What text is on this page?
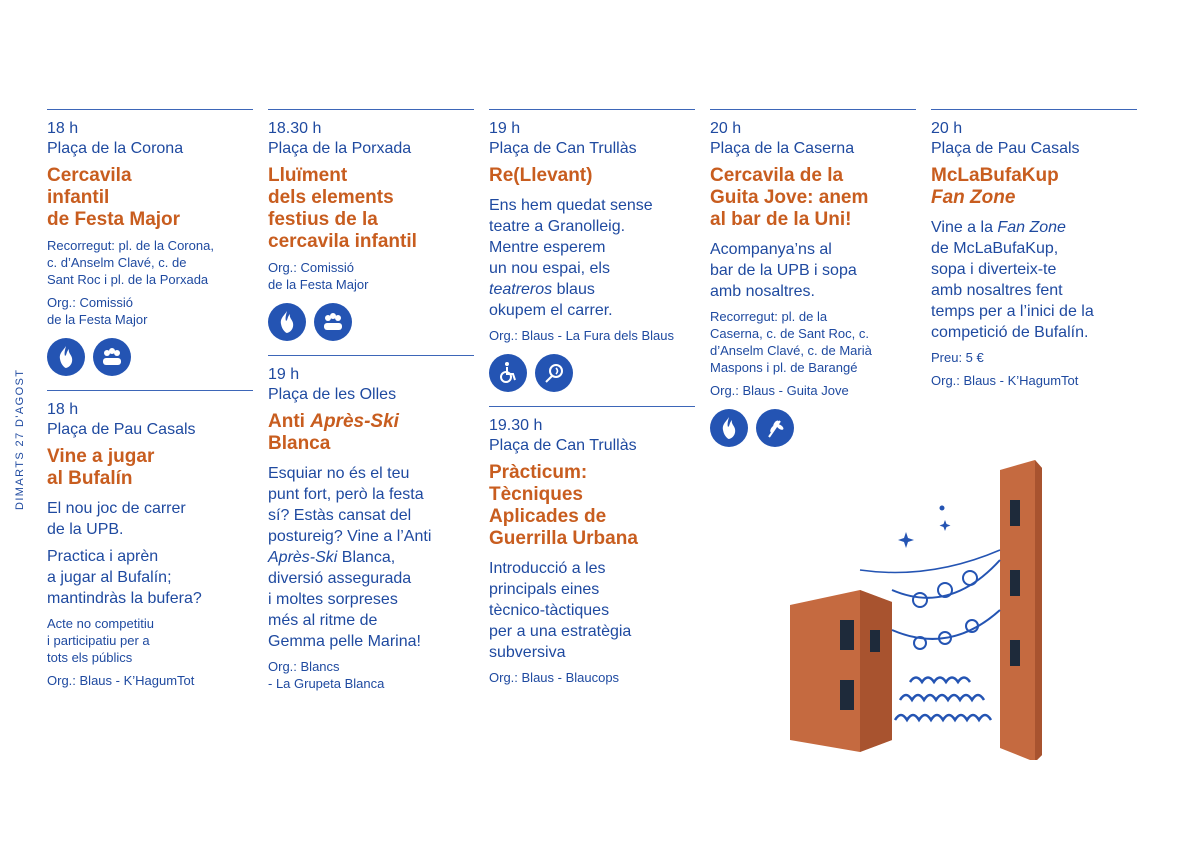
DIMARTS 27 D'AGOST
18 h
Plaça de la Corona
Cercavila
infantil
de Festa Major
Recorregut: pl. de la Corona,
c. d’Anselm Clavé, c. de
Sant Roc i pl. de la Porxada
Org.: Comissió
de la Festa Major
18 h
Plaça de Pau Casals
Vine a jugar
al Bufalín
El nou joc de carrer
de la UPB.
Practica i aprèn
a jugar al Bufalín;
mantindràs la bufera?
Acte no competitiu
i participatiu per a
tots els públics
Org.: Blaus - K’HagumTot
18.30 h
Plaça de la Porxada
Lluïment
dels elements
festius de la
cercavila infantil
Org.: Comissió
de la Festa Major
19 h
Plaça de les Olles
Anti Après-Ski
Blanca
Esquiar no és el teu
punt fort, però la festa
sí? Estàs cansat del
postureig? Vine a l’Anti
Après-Ski Blanca,
diversió assegurada
i moltes sorpreses
més al ritme de
Gemma pelle Marina!
Org.: Blancs
- La Grupeta Blanca
19 h
Plaça de Can Trullàs
Re(Llevant)
Ens hem quedat sense
teatre a Granolleig.
Mentre esperem
un nou espai, els
teatreros blaus
okupem el carrer.
Org.: Blaus - La Fura dels Blaus
19.30 h
Plaça de Can Trullàs
Pràcticum:
Tècniques
Aplicades de
Guerrilla Urbana
Introducció a les
principals eines
tècnico-tàctiques
per a una estratègia
subversiva
Org.: Blaus - Blaucops
20 h
Plaça de la Caserna
Cercavila de la
Guita Jove: anem
al bar de la Uni!
Acompanya’ns al
bar de la UPB i sopa
amb nosaltres.
Recorregut: pl. de la
Caserna, c. de Sant Roc, c.
d’Anselm Clavé, c. de Marià
Maspons i pl. de Barangé
Org.: Blaus - Guita Jove
20 h
Plaça de Pau Casals
McLaBufaKup
Fan Zone
Vine a la Fan Zone
de McLaBufaKup,
sopa i diverteix-te
amb nosaltres fent
temps per a l’inici de la
competició de Bufalín.
Preu: 5 €
Org.: Blaus - K’HagumTot
